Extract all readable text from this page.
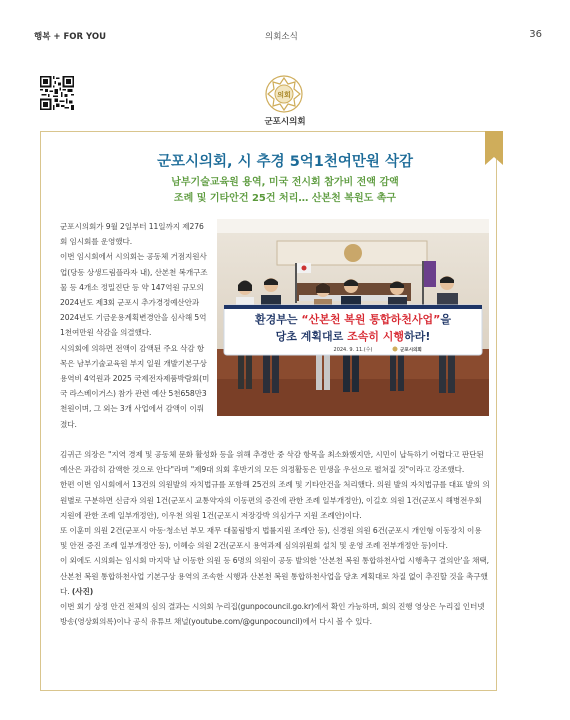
행복 + FOR YOU	의회소식	36
의회
군포시의회
군포시의회, 시 추경 5억1천여만원 삭감
남부기술교육원 용역, 미국 전시회 참가비 전액 감액
조례 및 기타안건 25건 처리… 산본천 복원도 촉구

군포시의회가 9월 2일부터 11일까지 제276회 임시회를 운영했다.

이번 임시회에서 시의회는 공동체 거점지원사업(당동 상생드림플라자 내), 산본천 복개구조물 등 4개소 정밀진단 등 약 147억원 규모의 2024년도 제3회 군포시 추가경정예산안과 2024년도 기금운용계획변경안을 심사해 5억1천여만원 삭감을 의결했다.

시의회에 의하면 전액이 감액된 주요 삭감 항목은 남부기술교육원 부지 일원 개발기본구상 용역비 4억원과 2025 국제전자제품박람회(미국 라스베이거스) 참가 관련 예산 5천658만3천원이며, 그 외는 3개 사업에서 감액이 이뤄졌다.

환경부는 “산본천 복원 통합하천사업”을
당초 계획대로 조속히 시행하라!
2024. 9. 11.(수)	군포시의회

김귀근 의장은 "지역 경제 및 공동체 문화 활성화 등을 위해 추경안 중 삭감 항목을 최소화했지만, 시민이 납득하기 어렵다고 판단된 예산은 과감히 감액한 것으로 안다"라며 "제9대 의회 후반기의 모든 의정활동은 민생을 우선으로 펼쳐질 것"이라고 강조했다.

한편 이번 임시회에서 13건의 의원발의 자치법규를 포함해 25건의 조례 및 기타안건을 처리했다. 의원 발의 자치법규를 대표 발의 의원별로 구분하면 신금자 의원 1건(군포시 교통약자의 이동편의 증진에 관한 조례 일부개정안), 이길호 의원 1건(군포시 해병전우회 지원에 관한 조례 일부개정안), 이우천 의원 1건(군포시 저장강박 의심가구 지원 조례안)이다.

또 이훈미 의원 2건(군포시 아동·청소년 부모 재무 대물림방지 법률지원 조례안 등), 신경원 의원 6건(군포시 개인형 이동장치 이용 및 안전 증진 조례 일부개정안 등), 이혜승 의원 2건(군포시 용역과제 심의위원회 설치 및 운영 조례 전부개정안 등)이다.

이 외에도 시의회는 임시회 마지막 날 이동한 의원 등 6명의 의원이 공동 발의한 '산본천 복원 통합하천사업 시행촉구 결의안'을 채택, 산본천 복원 통합하천사업 기본구상 용역의 조속한 시행과 산본천 복원 통합하천사업을 당초 계획대로 차질 없이 추진할 것을 촉구했다. (사진)

이번 회기 상정 안건 전체의 심의 결과는 시의회 누리집(gunpocouncil.go.kr)에서 확인 가능하며, 회의 진행 영상은 누리집 인터넷 방송(영상회의록)이나 공식 유튜브 채널(youtube.com/@gunpocouncil)에서 다시 볼 수 있다.
